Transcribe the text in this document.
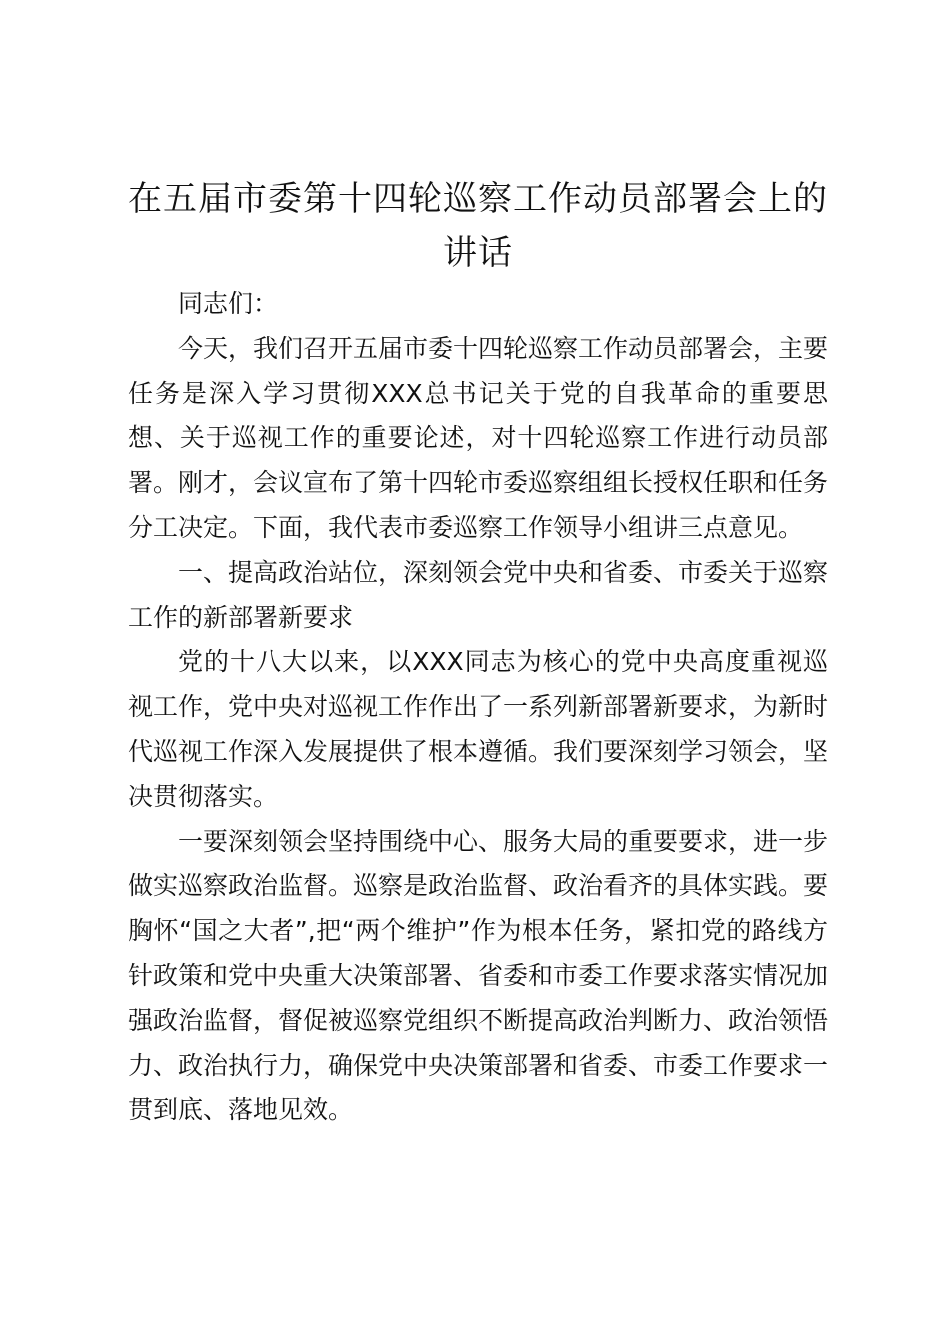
在五届市委第十四轮巡察工作动员部署会上的讲话

同志们：

今天，我们召开五届市委十四轮巡察工作动员部署会，主要任务是深入学习贯彻XXX总书记关于党的自我革命的重要思想、关于巡视工作的重要论述，对十四轮巡察工作进行动员部署。刚才，会议宣布了第十四轮市委巡察组组长授权任职和任务分工决定。下面，我代表市委巡察工作领导小组讲三点意见。

一、提高政治站位，深刻领会党中央和省委、市委关于巡察工作的新部署新要求

党的十八大以来，以XXX同志为核心的党中央高度重视巡视工作，党中央对巡视工作作出了一系列新部署新要求，为新时代巡视工作深入发展提供了根本遵循。我们要深刻学习领会，坚决贯彻落实。

一要深刻领会坚持围绕中心、服务大局的重要要求，进一步做实巡察政治监督。巡察是政治监督、政治看齐的具体实践。要胸怀“国之大者”,把“两个维护”作为根本任务，紧扣党的路线方针政策和党中央重大决策部署、省委和市委工作要求落实情况加强政治监督，督促被巡察党组织不断提高政治判断力、政治领悟力、政治执行力，确保党中央决策部署和省委、市委工作要求一贯到底、落地见效。
